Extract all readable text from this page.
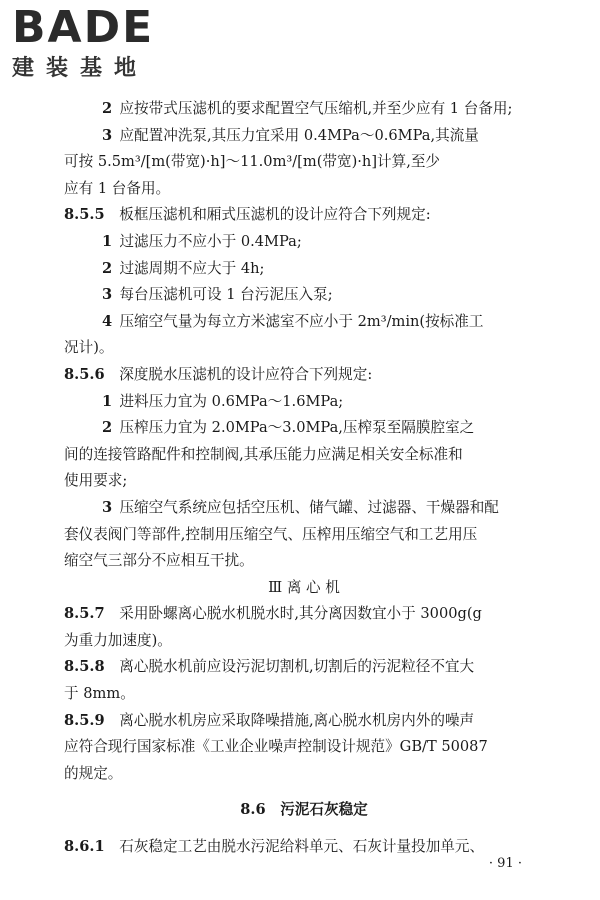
BADE
建装基地
2  应按带式压滤机的要求配置空气压缩机,并至少应有 1 台备用;
3  应配置冲洗泵,其压力宜采用 0.4MPa～0.6MPa,其流量
可按 5.5m³/[m(带宽)·h]～11.0m³/[m(带宽)·h]计算,至少
应有 1 台备用。
8.5.5  板框压滤机和厢式压滤机的设计应符合下列规定:
1  过滤压力不应小于 0.4MPa;
2  过滤周期不应大于 4h;
3  每台压滤机可设 1 台污泥压入泵;
4  压缩空气量为每立方米滤室不应小于 2m³/min(按标准工
况计)。
8.5.6  深度脱水压滤机的设计应符合下列规定:
1  进料压力宜为 0.6MPa～1.6MPa;
2  压榨压力宜为 2.0MPa～3.0MPa,压榨泵至隔膜腔室之
间的连接管路配件和控制阀,其承压能力应满足相关安全标准和
使用要求;
3  压缩空气系统应包括空压机、储气罐、过滤器、干燥器和配
套仪表阀门等部件,控制用压缩空气、压榨用压缩空气和工艺用压
缩空气三部分不应相互干扰。
Ⅲ 离 心 机
8.5.7  采用卧螺离心脱水机脱水时,其分离因数宜小于 3000g(g
为重力加速度)。
8.5.8  离心脱水机前应设污泥切割机,切割后的污泥粒径不宜大
于 8mm。
8.5.9  离心脱水机房应采取降噪措施,离心脱水机房内外的噪声
应符合现行国家标准《工业企业噪声控制设计规范》GB/T 50087
的规定。
8.6  污泥石灰稳定
8.6.1  石灰稳定工艺由脱水污泥给料单元、石灰计量投加单元、
· 91 ·
